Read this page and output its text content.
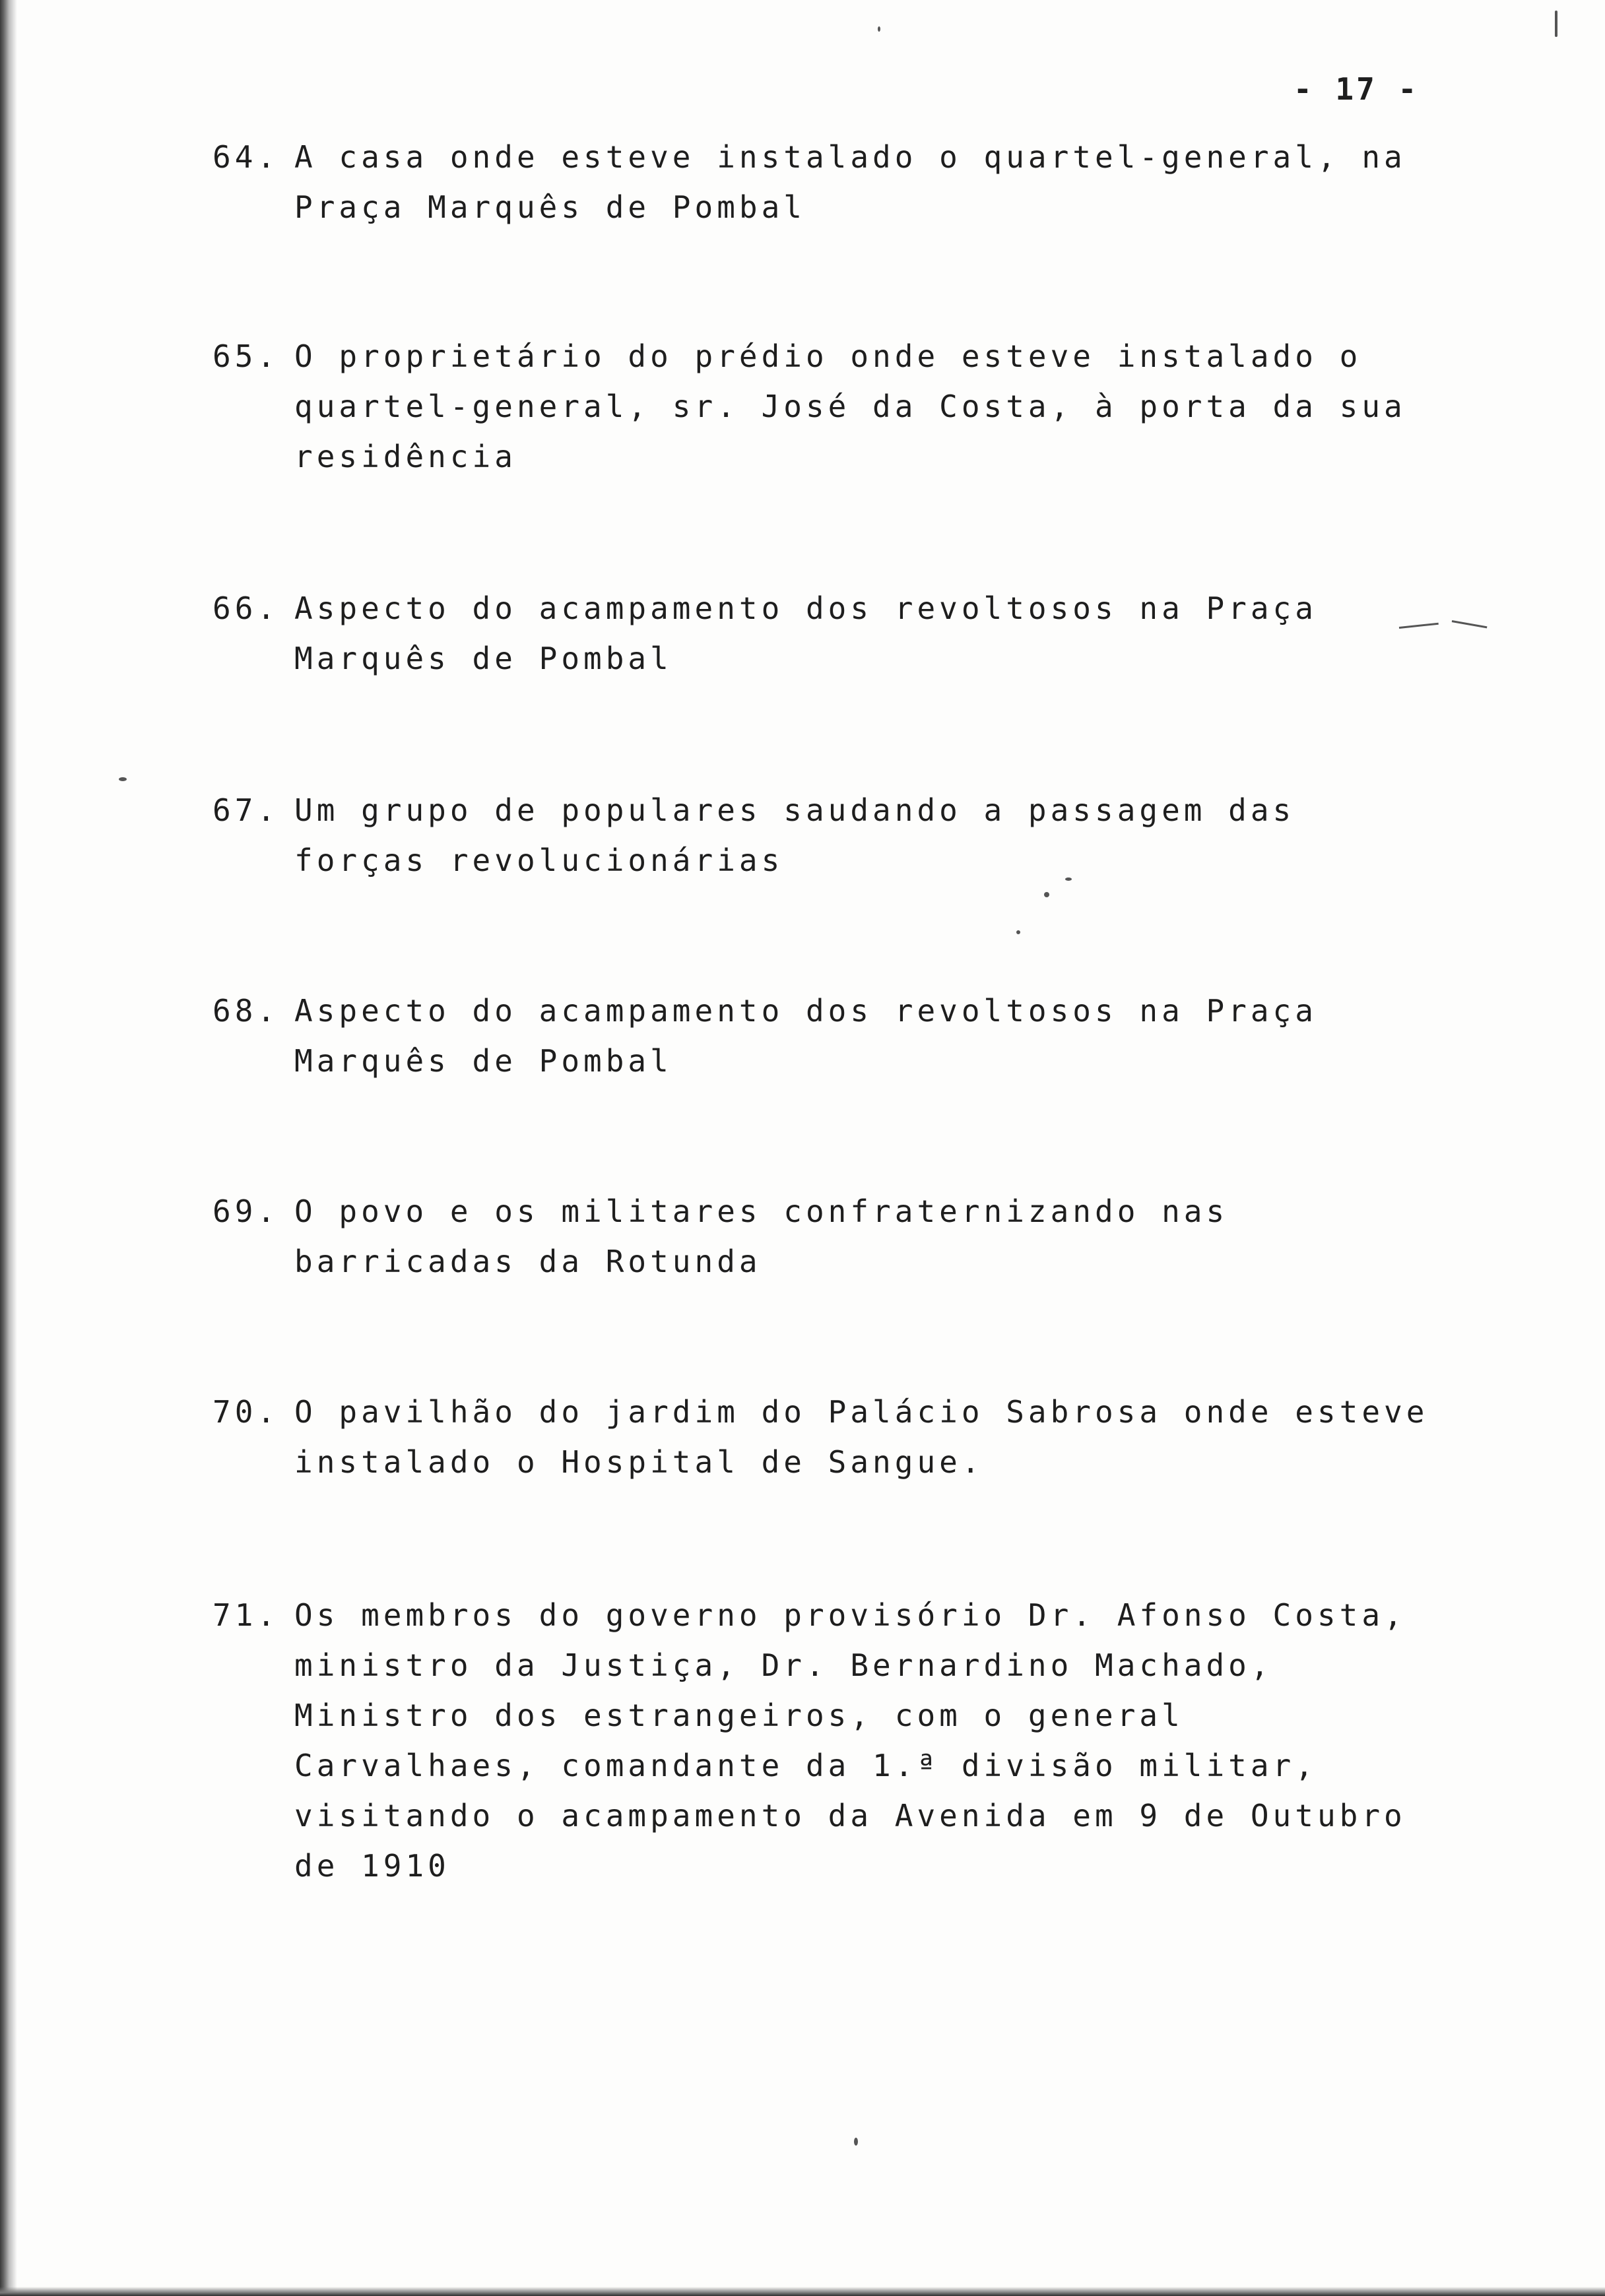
- 17 -
64. A casa onde esteve instalado o quartel-general, na Praça Marquês de Pombal
65. O proprietário do prédio onde esteve instalado o quartel-general, sr. José da Costa, à porta da sua residência
66. Aspecto do acampamento dos revoltosos na Praça Marquês de Pombal
67. Um grupo de populares saudando a passagem das forças revolucionárias
68. Aspecto do acampamento dos revoltosos na Praça Marquês de Pombal
69. O povo e os militares confraternizando nas barricadas da Rotunda
70. O pavilhão do jardim do Palácio Sabrosa onde esteve instalado o Hospital de Sangue.
71. Os membros do governo provisório Dr. Afonso Costa, ministro da Justiça, Dr. Bernardino Machado, Ministro dos estrangeiros, com o general Carvalhaes, comandante da 1.ª divisão militar, visitando o acampamento da Avenida em 9 de Outubro de 1910
